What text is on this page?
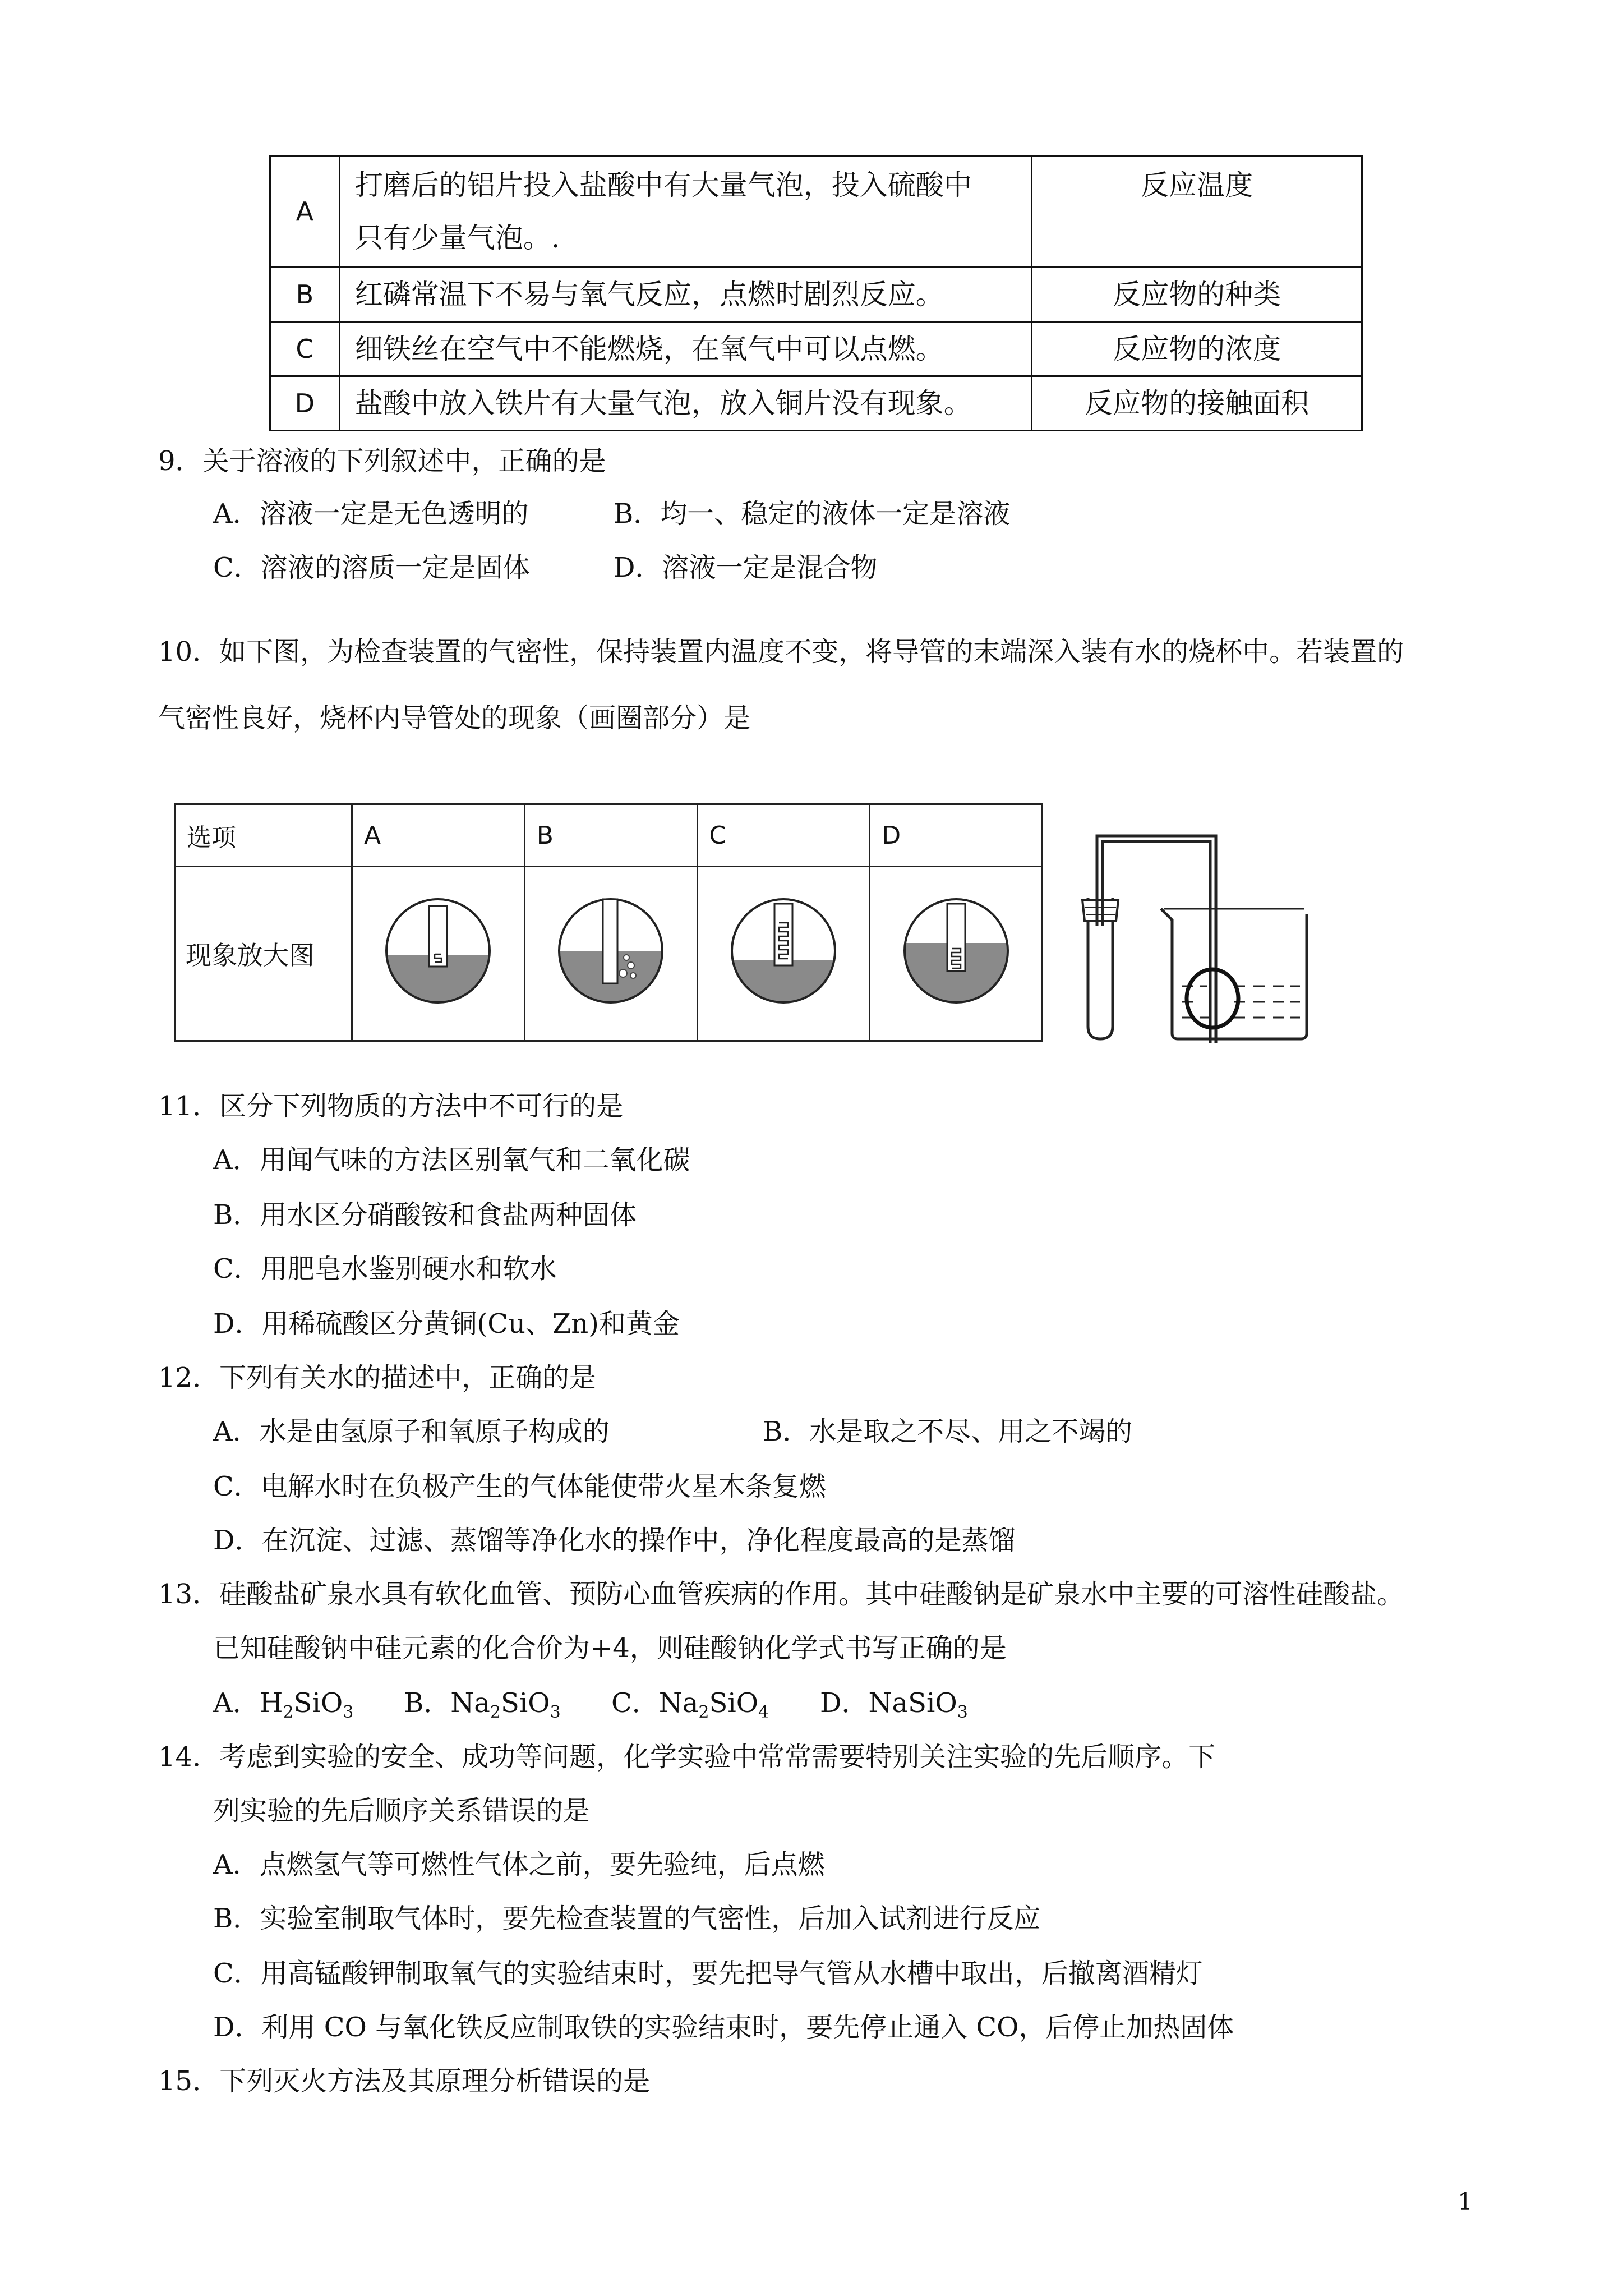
A	打磨后的铝片投入盐酸中有大量气泡，投入硫酸中
只有少量气泡。.	反应温度
B	红磷常温下不易与氧气反应，点燃时剧烈反应。	反应物的种类
C	细铁丝在空气中不能燃烧，在氧气中可以点燃。	反应物的浓度
D	盐酸中放入铁片有大量气泡，放入铜片没有现象。	反应物的接触面积
9．关于溶液的下列叙述中，正确的是
A．溶液一定是无色透明的	B．均一、稳定的液体一定是溶液
C．溶液的溶质一定是固体	D．溶液一定是混合物
10．如下图，为检查装置的气密性，保持装置内温度不变，将导管的末端深入装有水的烧杯中。若装置的
气密性良好，烧杯内导管处的现象（画圈部分）是
选项	A	B	C	D
现象放大图				
11．区分下列物质的方法中不可行的是
A．用闻气味的方法区别氧气和二氧化碳
B．用水区分硝酸铵和食盐两种固体
C．用肥皂水鉴别硬水和软水
D．用稀硫酸区分黄铜(Cu、Zn)和黄金
12．下列有关水的描述中，正确的是
A．水是由氢原子和氧原子构成的	B．水是取之不尽、用之不竭的
C．电解水时在负极产生的气体能使带火星木条复燃
D．在沉淀、过滤、蒸馏等净化水的操作中，净化程度最高的是蒸馏
13．硅酸盐矿泉水具有软化血管、预防心血管疾病的作用。其中硅酸钠是矿泉水中主要的可溶性硅酸盐。
已知硅酸钠中硅元素的化合价为+4，则硅酸钠化学式书写正确的是
A．$H_2SiO_3$ B．$Na_2SiO_3$ C．$Na_2SiO_4$ D．NaSiO$_3$
14．考虑到实验的安全、成功等问题，化学实验中常常需要特别关注实验的先后顺序。下
列实验的先后顺序关系错误的是
A．点燃氢气等可燃性气体之前，要先验纯，后点燃
B．实验室制取气体时，要先检查装置的气密性，后加入试剂进行反应
C．用高锰酸钾制取氧气的实验结束时，要先把导气管从水槽中取出，后撤离酒精灯
D．利用 CO 与氧化铁反应制取铁的实验结束时，要先停止通入 CO，后停止加热固体
15．下列灭火方法及其原理分析错误的是
1
